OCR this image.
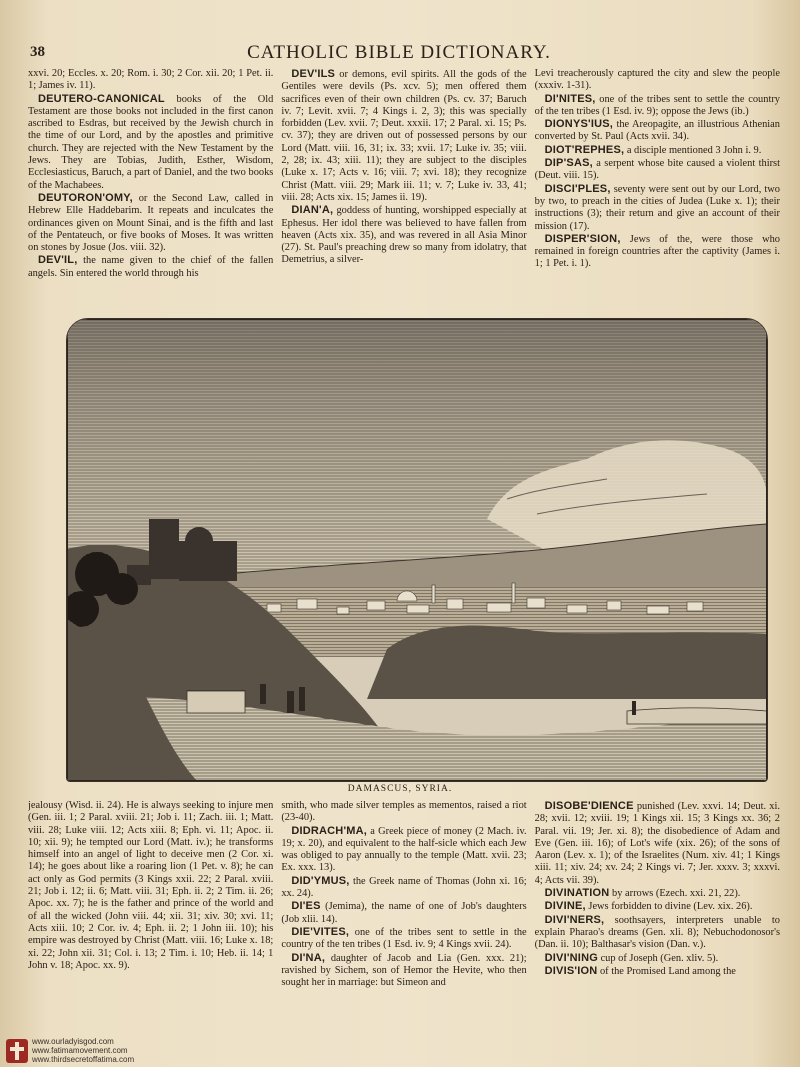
38	CATHOLIC BIBLE DICTIONARY.

xxvi. 20; Eccles. x. 20; Rom. i. 30; 2 Cor. xii. 20; 1 Pet. ii. 1; James iv. 11).

DEUTERO-CANONICAL books of the Old Testament are those books not included in the first canon ascribed to Esdras, but received by the Jewish church in the time of our Lord, and by the apostles and primitive church. They are rejected with the New Testament by the Jews. They are Tobias, Judith, Esther, Wisdom, Ecclesiasticus, Baruch, a part of Daniel, and the two books of the Machabees.

DEUTORON'OMY, or the Second Law, called in Hebrew Elle Haddebarim. It repeats and inculcates the ordinances given on Mount Sinai, and is the fifth and last of the Pentateuch, or five books of Moses. It was written on stones by Josue (Jos. viii. 32).

DEV'IL, the name given to the chief of the fallen angels. Sin entered the world through his

DEV'ILS or demons, evil spirits. All the gods of the Gentiles were devils (Ps. xcv. 5); men offered them sacrifices even of their own children (Ps. cv. 37; Baruch iv. 7; Levit. xvii. 7; 4 Kings i. 2, 3); this was specially forbidden (Lev. xvii. 7; Deut. xxxii. 17; 2 Paral. xi. 15; Ps. cv. 37); they are driven out of possessed persons by our Lord (Matt. viii. 16, 31; ix. 33; xvii. 17; Luke iv. 35; viii. 2, 28; ix. 43; xiii. 11); they are subject to the disciples (Luke x. 17; Acts v. 16; viii. 7; xvi. 18); they recognize Christ (Matt. viii. 29; Mark iii. 11; v. 7; Luke iv. 33, 41; viii. 28; Acts xix. 15; James ii. 19).

DIAN'A, goddess of hunting, worshipped especially at Ephesus. Her idol there was believed to have fallen from heaven (Acts xix. 35), and was revered in all Asia Minor (27). St. Paul's preaching drew so many from idolatry, that Demetrius, a silver-

Levi treacherously captured the city and slew the people (xxxiv. 1-31).

DI'NITES, one of the tribes sent to settle the country of the ten tribes (1 Esd. iv. 9); oppose the Jews (ib.)

DIONYS'IUS, the Areopagite, an illustrious Athenian converted by St. Paul (Acts xvii. 34).

DIOT'REPHES, a disciple mentioned 3 John i. 9.

DIP'SAS, a serpent whose bite caused a violent thirst (Deut. viii. 15).

DISCI'PLES, seventy were sent out by our Lord, two by two, to preach in the cities of Judea (Luke x. 1); their instructions (3); their return and give an account of their mission (17).

DISPER'SION, Jews of the, were those who remained in foreign countries after the captivity (James i. 1; 1 Pet. i. 1).

DAMASCUS, SYRIA.

jealousy (Wisd. ii. 24). He is always seeking to injure men (Gen. iii. 1; 2 Paral. xviii. 21; Job i. 11; Zach. iii. 1; Matt. viii. 28; Luke viii. 12; Acts xiii. 8; Eph. vi. 11; Apoc. ii. 10; xii. 9); he tempted our Lord (Matt. iv.); he transforms himself into an angel of light to deceive men (2 Cor. xi. 14); he goes about like a roaring lion (1 Pet. v. 8); he can act only as God permits (3 Kings xxii. 22; 2 Paral. xviii. 21; Job i. 12; ii. 6; Matt. viii. 31; Eph. ii. 2; 2 Tim. ii. 26; Apoc. xx. 7); he is the father and prince of the world and of all the wicked (John viii. 44; xii. 31; xiv. 30; xvi. 11; Acts xiii. 10; 2 Cor. iv. 4; Eph. ii. 2; 1 John iii. 10); his empire was destroyed by Christ (Matt. viii. 16; Luke x. 18; xi. 22; John xii. 31; Col. i. 13; 2 Tim. i. 10; Heb. ii. 14; 1 John v. 18; Apoc. xx. 9).

smith, who made silver temples as mementos, raised a riot (23-40).

DIDRACH'MA, a Greek piece of money (2 Mach. iv. 19; x. 20), and equivalent to the half-sicle which each Jew was obliged to pay annually to the temple (Matt. xvii. 23; Ex. xxx. 13).

DID'YMUS, the Greek name of Thomas (John xi. 16; xx. 24).

DI'ES (Jemima), the name of one of Job's daughters (Job xlii. 14).

DIE'VITES, one of the tribes sent to settle in the country of the ten tribes (1 Esd. iv. 9; 4 Kings xvii. 24).

DI'NA, daughter of Jacob and Lia (Gen. xxx. 21); ravished by Sichem, son of Hemor the Hevite, who then sought her in marriage: but Simeon and

DISOBE'DIENCE punished (Lev. xxvi. 14; Deut. xi. 28; xvii. 12; xviii. 19; 1 Kings xii. 15; 3 Kings xx. 36; 2 Paral. vii. 19; Jer. xi. 8); the disobedience of Adam and Eve (Gen. iii. 16); of Lot's wife (xix. 26); of the sons of Aaron (Lev. x. 1); of the Israelites (Num. xiv. 41; 1 Kings xiii. 11; xiv. 24; xv. 24; 2 Kings vi. 7; Jer. xxxv. 3; xxxvi. 4; Acts vii. 39).

DIVINATION by arrows (Ezech. xxi. 21, 22).

DIVINE, Jews forbidden to divine (Lev. xix. 26).

DIVI'NERS, soothsayers, interpreters unable to explain Pharao's dreams (Gen. xli. 8); Nebuchodonosor's (Dan. ii. 10); Balthasar's vision (Dan. v.).

DIVI'NING cup of Joseph (Gen. xliv. 5).

DIVIS'ION of the Promised Land among the

www.ourladyisgod.com
www.fatimamovement.com
www.thirdsecretoffatima.com
